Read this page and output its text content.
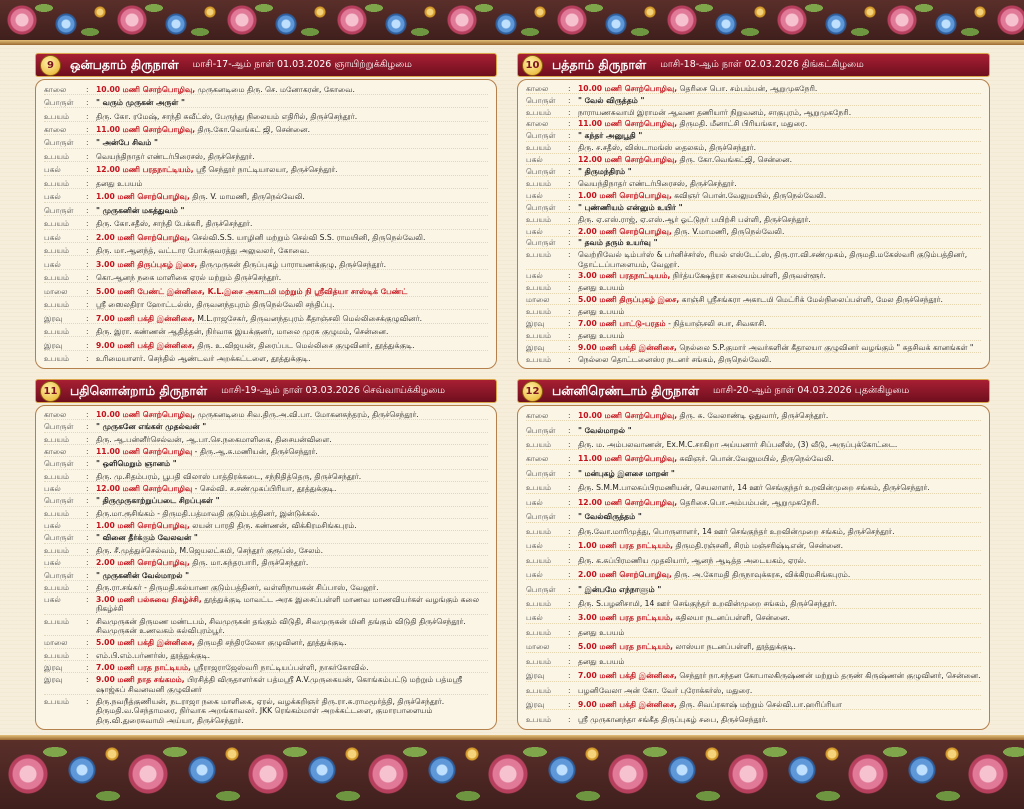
9	ஒன்பதாம் திருநாள் மாசி-17-ஆம் நாள் 01.03.2026 ஞாயிற்றுக்கிழமை
காலை	: 10.00 மணி சொற்பொழிவு, முருகனடிமை திரு. செ. மனோகரன், கோவை.
பொருள்	: " வரும் முருகன் அருள் "
உபயம்	: திரு. கோ. ரமேஷ், சாந்தி சுவீட்ஸ், பேருந்து நிலையம் எதிரில், திருச்செந்தூர்.
காலை	: 11.00 மணி சொற்பொழிவு, திரு.கோ.வெங்கட் ஜி, சென்னை.
பொருள்	: " அன்பே சிவம் "
உபயம்	: வெயந்திநாதர் எண்டர்பிரைசஸ், திருச்செந்தூர்.
பகல்	: 12.00 மணி பரதநாட்டியம், ஸ்ரீ செந்தூர் நாட்டியாலயா, திருச்செந்தூர்.
உபயம்	: தனது உபயம்
பகல்	: 1.00 மணி சொற்பொழிவு, திரு. V. மாமணி, திருநெல்வேலி.
பொருள்	: " முருகனின் மகத்துவம் "
உபயம்	: திரு. கோ.சதீஸ், சாந்தி பேக்கரி, திருச்செந்தூர்.
பகல்	: 2.00 மணி சொற்பொழிவு, செல்வி.S.S. யாழினி மற்றும் செல்வி S.S. ராமயினி, திருநெல்வேலி.
உபயம்	: திரு. மா.ஆனந்த், வட்டார போக்குவரத்து அலுவலர், கோவை.
பகல்	: 3.00 மணி திருப்புகழ் இசை, திருமுருகன் திருப்புகழ் பாராயணக்குழு, திருச்செந்தூர்.
உபயம்	: கொ.ஆனந் நகை மாளிகை ஏரல் மற்றும் திருச்செந்தூர்.
மாலை	: 5.00 மணி பேண்ட் இன்னிசை, K.L.இசை அகாடமி மற்றும் நி ஸ்ரீவித்யா சாஸ்டிக் பேண்ட்
உபயம்	: ஸ்ரீ ஸைலதிரா ஹோட்டல்ஸ், திருவனந்தபுரம் திருநெல்வேலி சந்திப்பு.
இரவு	: 7.00 மணி பக்தி இன்னிசை, M.L.ராஜசேகர், திருவனந்தபுரம் கீதாஞ்சலி மெல்லிசைக்குழுவினர்.
உபயம்	: திரு. இரா. கண்ணன் ஆதித்தன், நிர்வாக இயக்குனர், மாலை முரசு குழுமம், சென்னை.
இரவு	: 9.00 மணி பக்தி இன்னிசை, திரு. உ.விஜயன், திரைப்பட மெல்லிசை குழுவினர், தூத்துக்குடி.
உபயம்	: உரிமையாளர். செந்தில் ஆண்டவர் அறக்கட்டளை, தூத்துக்குடி.
10 பத்தாம் திருநாள் மாசி-18-ஆம் நாள் 02.03.2026 திங்கட்கிழமை
காலை	: 10.00 மணி சொற்பொழிவு, தெரிசை பொ. சம்பம்பன், ஆறுமுகநேரி.
பொருள்	: " வேல் விருத்தம் "
உபயம்	: நாராயணசுவாமி இராமன் ஆவண தணியார் நிறுவனம், சாகுபுரம், ஆறுமுகநேரி.
காலை	: 11.00 மணி சொற்பொழிவு, திருமதி. மீனாட்சி பிரியங்கா, மதுரை.
பொருள்	: " கந்தர் அனுபூதி "
உபயம்	: திரு. ச.சதீஸ், விஸ்டாமங்ஸ் தைலகம், திருச்செந்தூர்.
பகல்	: 12.00 மணி சொற்பொழிவு, திரு. கோ.வெங்கட்ஜி, சென்னை.
பொருள்	: " திருமந்திரம் "
உபயம்	: வெயந்திநாதர் எண்டர்பிரைசஸ், திருச்செந்தூர்.
பகல்	: 1.00 மணி சொற்பொழிவு, கவிஞர் பொன்.வேலுமயில், திருநெல்வேலி.
பொருள்	: " புண்ணியம் என்னும் உயிர் "
உபயம்	: திரு. ஏ.எஸ்.ராஜ், ஏ.எஸ்.ஆர் ஓட்டுநர் பயிற்சி பள்ளி, திருச்செந்தூர்.
பகல்	: 2.00 மணி சொற்பொழிவு, திரு. V.மாமணி, திருநெல்வேலி.
பொருள்	: " தவம் தரும் உயர்வு "
உபயம்	: வெற்றிவேல் டிம்பர்ஸ் & பர்னிச்சர்ஸ், ரியல் எஸ்டேட்ஸ், திரு.ரா.வி.சண்முகம், திருமதி.மகேஸ்வரி குடும்பத்தினர், தோட்டப்பாளையம், வேலூர்.
பகல்	: 3.00 மணி பரதநாட்டியம், நிர்த்யக்ஷேத்ரா கலையம்பள்ளி, திருவள்ளூர்.
உபயம்	: தனது உபயம்
மாலை	: 5.00 மணி திருப்புகழ் இசை, காஞ்சி ஸ்ரீசங்கரா அகாடமி மெட்ரிக் மேல்நிலைப்பள்ளி, மேல திருச்செந்தூர்.
உபயம்	: தனது உபயம்
இரவு	: 7.00 மணி பாட்டு-பரதம் - நித்யாஞ்சலி சபா, சிவகாசி.
உபயம்	: தனது உபயம்
இரவு	: 9.00 மணி பக்தி இன்னிசை, நெல்லை S.P.குமார் அவர்களின் கீதாலயா குழுவினர் வழங்கும் " சுதசிவக் கானங்கள் "
உபயம்	: நெல்லை தொட்டனைஸ்ர நடனர் சங்கம், திருநெல்வேலி.
11 பதினொன்றாம் திருநாள் மாசி-19-ஆம் நாள் 03.03.2026 செவ்வாய்க்கிழமை
காலை	: 10.00 மணி சொற்பொழிவு, முருகனடிமை சிவ.திரு.அ.வி.பா. மோகனசுந்தரம், திருச்செந்தூர்.
பொருள்	: " முருகனே எங்கள் முதல்வன் "
உபயம்	: திரு. ஆ.பன்னீர்செல்வன், ஆ.பா.செ.நகைமாளிகை, திசையன்விளை.
காலை	: 11.00 மணி சொற்பொழிவு - திரு.ஆ.சு.மணியன், திருச்செந்தூர்.
பொருள்	: " ஒளிமெறும் ஞானம் "
உபயம்	: திரு. மு.சிதம்பரம், பூபதி விலாஸ் பாத்திரக்கடை, சந்நிதித்தெரு, திருச்செந்தூர்.
பகல்	: 12.00 மணி சொற்பொழிவு - செல்வி. ச.சண்முகப்பிரியா, தூத்துக்குடி.
பொருள்	: " திருமுருகாற்றுப்படை சிறப்புகள் "
உபயம்	: திரு.மா.ரூசிங்கம் - திருமதி.பத்மாவதி குடும்பத்தினர், இன்டுக்கல்.
பகல்	: 1.00 மணி சொற்பொழிவு, லயன் பாரதி திரு. கண்ணன், விக்கிரமசிங்கபுரம்.
பொருள்	: " வினை தீர்க்கும் வேலவன் "
உபயம்	: திரு. சீ.முத்துச்செல்வம், M.ஜெயலட்சுமி, செந்தூர் குரூப்ஸ், சேலம்.
பகல்	: 2.00 மணி சொற்பொழிவு, திரு. மா.சுந்தரபாரி, திருச்செந்தூர்.
பொருள்	: " முருகனின் வேல்மாறல் "
உபயம்	: திரு.ரா.சங்கர் - திருமதி.கல்யாண குடும்பத்தினர், வள்ளிநாயகன் சிப்பாஸ், வேலூர்.
பகல்	: 3.00 மணி பல்சுவை நிகழ்ச்சி, தூத்துக்குடி மாவட்ட அரசு இசைப்பள்ளி மாணவ மாணவியர்கள் வழங்கும் கலை நிகழ்ச்சி
உபயம்	: சிவமுருகன் திருமண மண்டபம், சிவமுருகன் தங்கும் விடுதி, சிவமுருகன் மினி தங்கும் விடுதி திருச்செந்தூர். சிவமுருகன் உணவகம் கல்விபுரம்பூர்.
மாலை	: 5.00 மணி பக்தி இன்னிசை, திருமதி சந்திரலேகா குழுவினர், தூத்துக்குடி.
உபயம்	: எம்.பி.எம்.பர்ணர்ஸ், தூத்துக்குடி.
இரவு	: 7.00 மணி பரத நாட்டியம், ஸ்ரீராஜராஜேஸ்வரி நாட்டியப்பள்ளி, நாகர்கோவில்.
இரவு	: 9.00 மணி நாத சங்கமம், பிரசித்தி விருதாளர்கள் பத்மஸ்ரீ A.V.முருகையன், கொங்கம்பட்டு மற்றும் பத்மஸ்ரீ ஷாஜ்சுப் சிவனவனி குழுவினர்
உபயம்	: திரு.நவநீத்குணியன், நடராஜா நகை மாளிகை, ஏரல், வழக்கறிஞர் திரு.ரா.சு.ராமமூர்த்தி, திருச்செந்தூர். திருமதி.வ.செந்தாமரை, நிர்வாக அறங்காவலர். JKK ரெங்கம்மாள் அறக்கட்டளை, குமாரபாளையம் திரு.வி.துரைசுவாமி அய்யா, திருச்செந்தூர்.
12 பன்னிரெண்டாம் திருநாள் மாசி-20-ஆம் நாள் 04.03.2026 புதன்கிழமை
காலை	: 10.00 மணி சொற்பொழிவு, திரு. சு. வேலாண்டி ஓதுவார், திருச்செந்தூர்.
பொருள்	: " வேல்மாறல் "
உபயம்	: திரு. ம. அம்பலவாணன், Ex.M.C.சாகிறா அய்யனார் சிப்பனீஸ், (3) வீடு, அருப்புக்கோட்டை.
காலை	: 11.00 மணி சொற்பொழிவு, கவிஞர். பொன்.வேலுமயில், திருநெல்வேலி.
பொருள்	: " மன்புகழ் இளசை மாறன் "
உபயம்	: திரு. S.M.M.பாலசுப்பிரமணியன், செயலாளர், 14 ஊர் செங்குந்தர் உறவின்முறை சங்கம், திருச்செந்தூர்.
பகல்	: 12.00 மணி சொற்பொழிவு, தெரிசை.பொ.அம்பம்பன், ஆறுமுகநேரி.
பொருள்	: " வேல்விருத்தம் "
உபயம்	: திரு.வோ.மாரிமுத்து, பொருளாளர், 14 ஊர் செங்குந்தர் உறவின்முறை சங்கம், திருச்செந்தூர்.
பகல்	: 1.00 மணி பரத நாட்டியம், திருமதி.ரஞ்சனி, சிரம் மஞ்சரிஷ்டிஎன், சென்னை.
உபயம்	: திரு. க.சுப்பிரமணிய முதலியார், ஆனந் ஆடித்த அடையகம், ஏரல்.
பகல்	: 2.00 மணி சொற்பொழிவு, திரு. அ.கோமதி திருநாவுக்கரசு, விக்கிரமசிங்கபுரம்.
பொருள்	: " இன்பமே எந்நாளும் "
உபயம்	: திரு. S.பழனிசாமி, 14 ஊர் செங்குந்தர் உறவின்முறை சங்கம், திருச்செந்தூர்.
பகல்	: 3.00 மணி பரத நாட்டியம், சுதிலயா நடனப்பள்ளி, சென்னை.
உபயம்	: தனது உபயம்
மாலை	: 5.00 மணி பரத நாட்டியம், லாஸ்யா நடனப்பள்ளி, தூத்துக்குடி.
உபயம்	: தனது உபயம்
இரவு	: 7.00 மணி பக்தி இன்னிசை, செந்தூர் நா.சந்தன கோபாலகிருஷ்ணன் மற்றும் தருண் கிருஷ்ணன் குழுவினர், சென்னை.
உபயம்	: பழனிவேலா அன் கோ. வேர் புரோக்கர்ஸ், மதுரை.
இரவு	: 9.00 மணி பக்தி இன்னிசை, திரு. சிவப்ரகாஷ் மற்றும் செல்வி.பா.ஹரிப்ரியா
உபயம்	: ஸ்ரீ முருகானந்தா சங்கீத திருப்புகழ் சபை, திருச்செந்தூர்.
